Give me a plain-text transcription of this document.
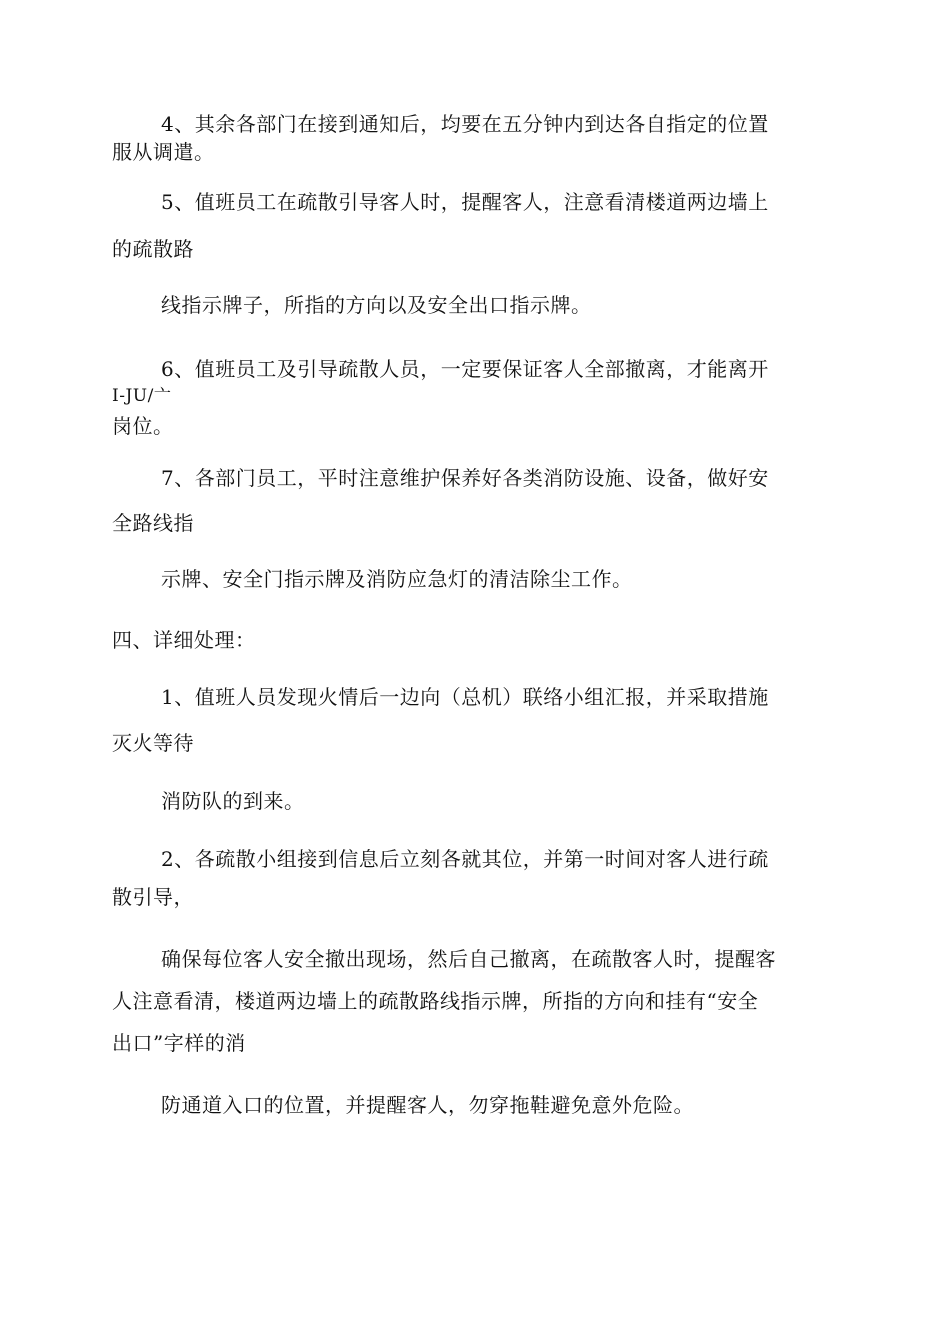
4、其余各部门在接到通知后，均要在五分钟内到达各自指定的位置
服从调遣。
5、值班员工在疏散引导客人时，提醒客人，注意看清楼道两边墙上
的疏散路
线指示牌子，所指的方向以及安全出口指示牌。
6、值班员工及引导疏散人员，一定要保证客人全部撤离，才能离开
I-JU/亠
岗位。
7、各部门员工，平时注意维护保养好各类消防设施、设备，做好安
全路线指
示牌、安全门指示牌及消防应急灯的清洁除尘工作。
四、详细处理：
1、值班人员发现火情后一边向（总机）联络小组汇报，并采取措施
灭火等待
消防队的到来。
2、各疏散小组接到信息后立刻各就其位，并第一时间对客人进行疏
散引导，
确保每位客人安全撤出现场，然后自己撤离，在疏散客人时，提醒客
人注意看清，楼道两边墙上的疏散路线指示牌，所指的方向和挂有“安全
出口”字样的消
防通道入口的位置，并提醒客人，勿穿拖鞋避免意外危险。
